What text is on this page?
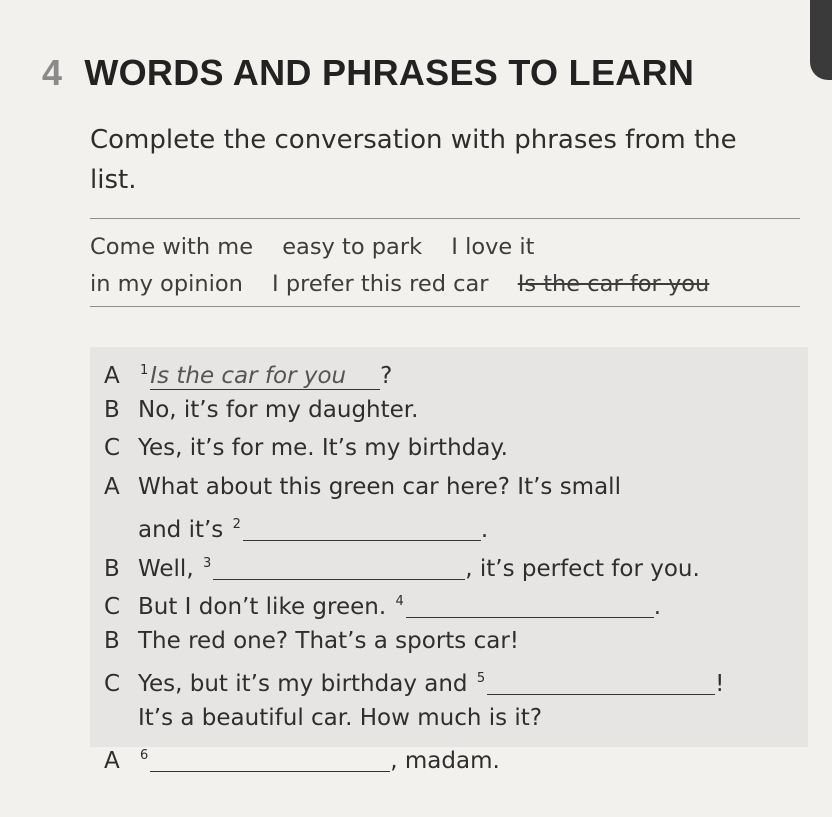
4 WORDS AND PHRASES TO LEARN
Complete the conversation with phrases from the list.
Come with me easy to park I love it
in my opinion I prefer this red car Is the car for you
A $^1$Is the car for you ?
B No, it’s for my daughter.
C Yes, it’s for me. It’s my birthday.
A What about this green car here? It’s small
and it’s $^2$	.
B Well, $^3$	, it’s perfect for you.
C But I don’t like green. $^4$	.
B The red one? That’s a sports car!
C Yes, but it’s my birthday and $^5$	!
It’s a beautiful car. How much is it?
A $^6$	, madam.
